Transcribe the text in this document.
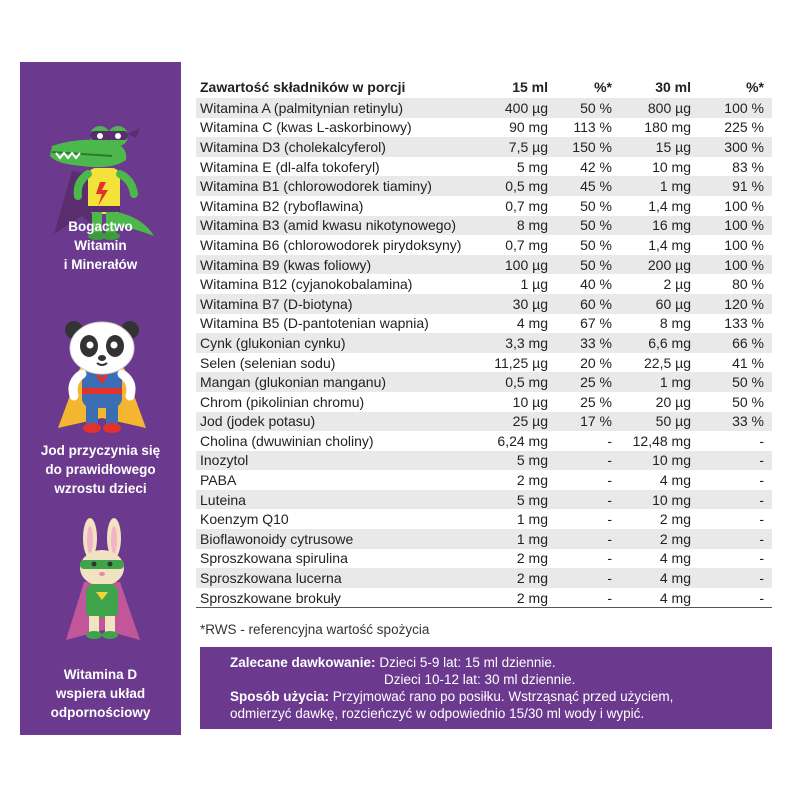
Bogactwo
Witamin
i Minerałów
Jod przyczynia się
do prawidłowego
wzrostu dzieci
Witamina D
wspiera układ
odpornościowy
Zawartość składników w porcji	15 ml	%*	30 ml	%*
Witamina A (palmitynian retinylu)	400 µg	50 %	800 µg	100 %
Witamina C (kwas L-askorbinowy)	90 mg	113 %	180 mg	225 %
Witamina D3 (cholekalcyferol)	7,5 µg	150 %	15 µg	300 %
Witamina E (dl-alfa tokoferyl)	5 mg	42 %	10 mg	83 %
Witamina B1 (chlorowodorek tiaminy)	0,5 mg	45 %	1 mg	91 %
Witamina B2 (ryboflawina)	0,7 mg	50 %	1,4 mg	100 %
Witamina B3 (amid kwasu nikotynowego)	8 mg	50 %	16 mg	100 %
Witamina B6 (chlorowodorek pirydoksyny)	0,7 mg	50 %	1,4 mg	100 %
Witamina B9 (kwas foliowy)	100 µg	50 %	200 µg	100 %
Witamina B12 (cyjanokobalamina)	1 µg	40 %	2 µg	80 %
Witamina B7 (D-biotyna)	30 µg	60 %	60 µg	120 %
Witamina B5 (D-pantotenian wapnia)	4 mg	67 %	8 mg	133 %
Cynk (glukonian cynku)	3,3 mg	33 %	6,6 mg	66 %
Selen (selenian sodu)	11,25 µg	20 %	22,5 µg	41 %
Mangan (glukonian manganu)	0,5 mg	25 %	1 mg	50 %
Chrom (pikolinian chromu)	10 µg	25 %	20 µg	50 %
Jod (jodek potasu)	25 µg	17 %	50 µg	33 %
Cholina (dwuwinian choliny)	6,24 mg	-	12,48 mg	-
Inozytol	5 mg	-	10 mg	-
PABA	2 mg	-	4 mg	-
Luteina	5 mg	-	10 mg	-
Koenzym Q10	1 mg	-	2 mg	-
Bioflawonoidy cytrusowe	1 mg	-	2 mg	-
Sproszkowana spirulina	2 mg	-	4 mg	-
Sproszkowana lucerna	2 mg	-	4 mg	-
Sproszkowane brokuły	2 mg	-	4 mg	-
*RWS - referencyjna wartość spożycia
Zalecane dawkowanie: Dzieci 5-9 lat: 15 ml dziennie.
Dzieci 10-12 lat: 30 ml dziennie.
Sposób użycia: Przyjmować rano po posiłku. Wstrząsnąć przed użyciem,
odmierzyć dawkę, rozcieńczyć w odpowiednio 15/30 ml wody i wypić.
